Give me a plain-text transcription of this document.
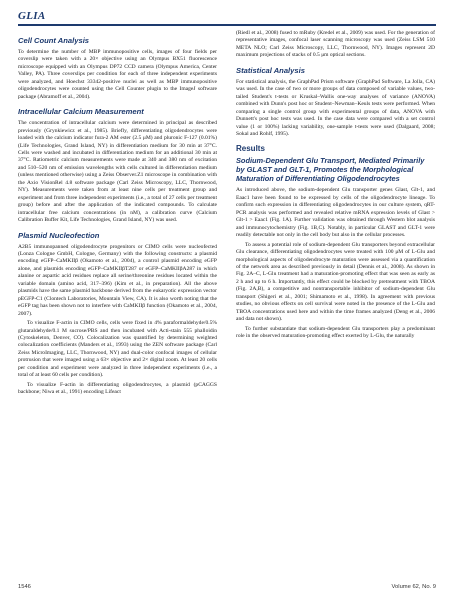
GLIA
Cell Count Analysis

To determine the number of MBP immunopositive cells, images of four fields per coverslip were taken with a 20× objective using an Olympus BX51 fluorescence microscope equipped with an Olympus DP72 CCD camera (Olympus America, Center Valley, PA). Three coverslips per condition for each of three independent experiments were analyzed, and Hoechst 33342-positive nuclei as well as MBP immunopositive oligodendrocytes were counted using the Cell Counter plugin to the ImageJ software package (Abramoff et al., 2004).

Intracellular Calcium Measurement

The concentration of intracellular calcium were determined in principal as described previously (Grynkiewicz et al., 1985). Briefly, differentiating oligodendrocytes were loaded with the calcium indicator fura-2 AM ester (2.5 μM) and pluronic F-127 (0.01%) (Life Technologies, Grand Island, NY) in differentiation medium for 30 min at 37°C. Cells were washed and incubated in differentiation medium for an additional 30 min at 37°C. Ratiometric calcium measurements were made at 340 and 380 nm of excitation and 510–520 nm of emission wavelengths with cells cultured in differentiation medium (unless mentioned otherwise) using a Zeiss Observer.Z1 microscope in combination with the Axio VisionRel 4.8 software package (Carl Zeiss Microscopy, LLC, Thornwood, NY). Measurements were taken from at least nine cells per treatment group and experiment and from three independent experiments (i.e., a total of 27 cells per treatment group) before and after the application of the indicated compounds. To calculate intracellular free calcium concentrations (in nM), a calibration curve (Calcium Calibration Buffer Kit, Life Technologies, Grand Island, NY) was used.

Plasmid Nucleofection

A2B5 immunopanned oligodendrocyte progenitors or CIMO cells were nucleofected (Lonza Cologne GmbH, Cologne, Germany) with the following constructs: a plasmid encoding eGFP–CaMKIIβ (Okamoto et al., 2004), a control plasmid encoding eGFP alone, and plasmids encoding eGFP–CaMKIIβT287 or eGFP–CaMKIIβA287 in which alanine or aspartic acid residues replace all serine/threonine residues located within the variable domain (amino acid, 317–396) (Kim et al., in preparation). All the above plasmids have the same plasmid backbone derived from the eukaryotic expression vector pEGFP-C1 (Clontech Laboratories, Mountain View, CA). It is also worth noting that the eGFP tag has been shown not to interfere with CaMKIIβ function (Okamoto et al., 2004, 2007).

To visualize F-actin in CIMO cells, cells were fixed in 4% paraformaldehyde/0.5% glutaraldehyde/0.1 M sucrose/PBS and then incubated with Acti-stain 555 phalloidin (Cytoskeleton, Denver, CO). Colocalization was quantified by determining weighted colocalization coefficients (Manders et al., 1993) using the ZEN software package (Carl Zeiss MicroImaging, LLC, Thornwood, NY) and dual-color confocal images of cellular protrusion that were imaged using a 63× objective and 2× digital zoom. At least 20 cells per condition and experiment were analyzed in three independent experiments (i.e., a total of at least 60 cells per condition).

To visualize F-actin in differentiating oligodendrocytes, a plasmid (pCAGGS backbone; Niwa et al., 1991) encoding Lifeact

(Riedl et al., 2008) fused to mRuby (Kredel et al., 2009) was used. For the generation of representative images, confocal laser scanning microscopy was used (Zeiss LSM 510 META NLO; Carl Zeiss Microscopy, LLC, Thornwood, NY). Images represent 2D maximum projections of stacks of 0.5 μm optical sections.

Statistical Analysis

For statistical analysis, the GraphPad Prism software (GraphPad Software, La Jolla, CA) was used. In the case of two or more groups of data composed of variable values, two-tailed Student's t-tests or Kruskal–Wallis one-way analyses of variance (ANOVA) combined with Dunn's post hoc or Student–Newman–Keuls tests were performed. When comparing a single control group with experimental groups of data, ANOVA with Dunnett's post hoc tests was used. In the case data were compared with a set control value (1 or 100%) lacking variability, one-sample t-tests were used (Dalgaard, 2008; Sokal and Rohlf, 1995).

Results
Sodium-Dependent Glu Transport, Mediated Primarily by GLAST and GLT-1, Promotes the Morphological Maturation of Differentiating Oligodendrocytes

As introduced above, the sodium-dependent Glu transporter genes Glast, Glt-1, and Eaac1 have been found to be expressed by cells of the oligodendrocyte lineage. To confirm such expression in differentiating oligodendrocytes in our culture system, qRT-PCR analysis was performed and revealed relative mRNA expression levels of Glast > Glt-1 > Eaac1 (Fig. 1A). Further validation was obtained through Western blot analysis and immunocytochemistry (Fig. 1B,C). Notably, in particular GLAST and GLT-1 were readily detectable not only in the cell body but also in the cellular processes.

To assess a potential role of sodium-dependent Glu transporters beyond extracellular Glu clearance, differentiating oligodendrocytes were treated with 100 μM of L-Glu and morphological aspects of oligodendrocyte maturation were assessed via a quantification of the network area as described previously in detail (Dennis et al., 2008). As shown in Fig. 2A–C, L-Glu treatment had a maturation-promoting effect that was seen as early as 2 h and up to 6 h. Importantly, this effect could be blocked by pretreatment with TBOA (Fig. 2A,B), a competitive and nontransportable inhibitor of sodium-dependent Glu transport (Shigeri et al., 2001; Shimamoto et al., 1998). In agreement with previous studies, no obvious effects on cell survival were noted in the presence of the L-Glu and TBOA concentrations used here and within the time frames analyzed (Deng et al., 2006 and data not shown).

To further substantiate that sodium-dependent Glu transporters play a predominant role in the observed maturation-promoting effect exerted by L-Glu, the naturally

1546	Volume 62, No. 9
